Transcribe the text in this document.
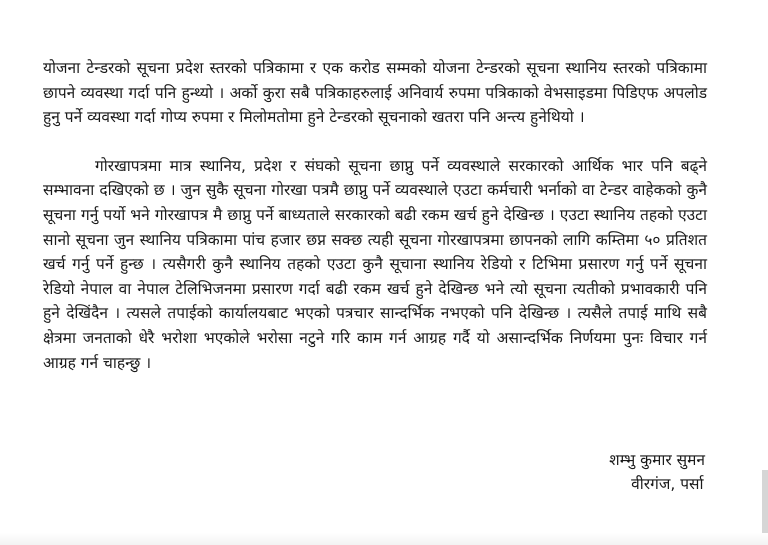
योजना टेन्डरको सूचना प्रदेश स्तरको पत्रिकामा र एक करोड सम्मको योजना टेन्डरको सूचना स्थानिय स्तरको पत्रिकामा छापने व्यवस्था गर्दा पनि हुन्थ्यो । अर्को कुरा सबै पत्रिकाहरुलाई अनिवार्य रुपमा पत्रिकाको वेभसाइडमा पिडिएफ अपलोड हुनु पर्ने व्यवस्था गर्दा गोप्य रुपमा र मिलोमतोमा हुने टेन्डरको सूचनाको खतरा पनि अन्त्य हुनेथियो ।

गोरखापत्रमा मात्र स्थानिय, प्रदेश र संघको सूचना छाप्नु पर्ने व्यवस्थाले सरकारको आर्थिक भार पनि बढ्ने सम्भावना दखिएको छ । जुन सुकै सूचना गोरखा पत्रमै छाप्नु पर्ने व्यवस्थाले एउटा कर्मचारी भर्नाको वा टेन्डर वाहेकको कुनै सूचना गर्नु पर्यो भने गोरखापत्र मै छाप्नु पर्ने बाध्यताले सरकारको बढी रकम खर्च हुने देखिन्छ । एउटा स्थानिय तहको एउटा सानो सूचना जुन स्थानिय पत्रिकामा पांच हजार छप्न सक्छ त्यही सूचना गोरखापत्रमा छापनको लागि कम्तिमा ५० प्रतिशत खर्च गर्नु पर्ने हुन्छ । त्यसैगरी कुनै स्थानिय तहको एउटा कुनै सूचाना स्थानिय रेडियो र टिभिमा प्रसारण गर्नु पर्ने सूचना रेडियो नेपाल वा नेपाल टेलिभिजनमा प्रसारण गर्दा बढी रकम खर्च हुने देखिन्छ भने त्यो सूचना त्यतीको प्रभावकारी पनि हुने देखिंदैन । त्यसले तपाईको कार्यालयबाट भएको पत्रचार सान्दर्भिक नभएको पनि देखिन्छ । त्यसैले तपाई माथि सबै क्षेत्रमा जनताको धेरै भरोशा भएकोले भरोसा नटुने गरि काम गर्न आग्रह गर्दै यो असान्दर्भिक निर्णयमा पुनः विचार गर्न आग्रह गर्न चाहन्छु ।

शम्भु कुमार सुमन
वीरगंज, पर्सा
